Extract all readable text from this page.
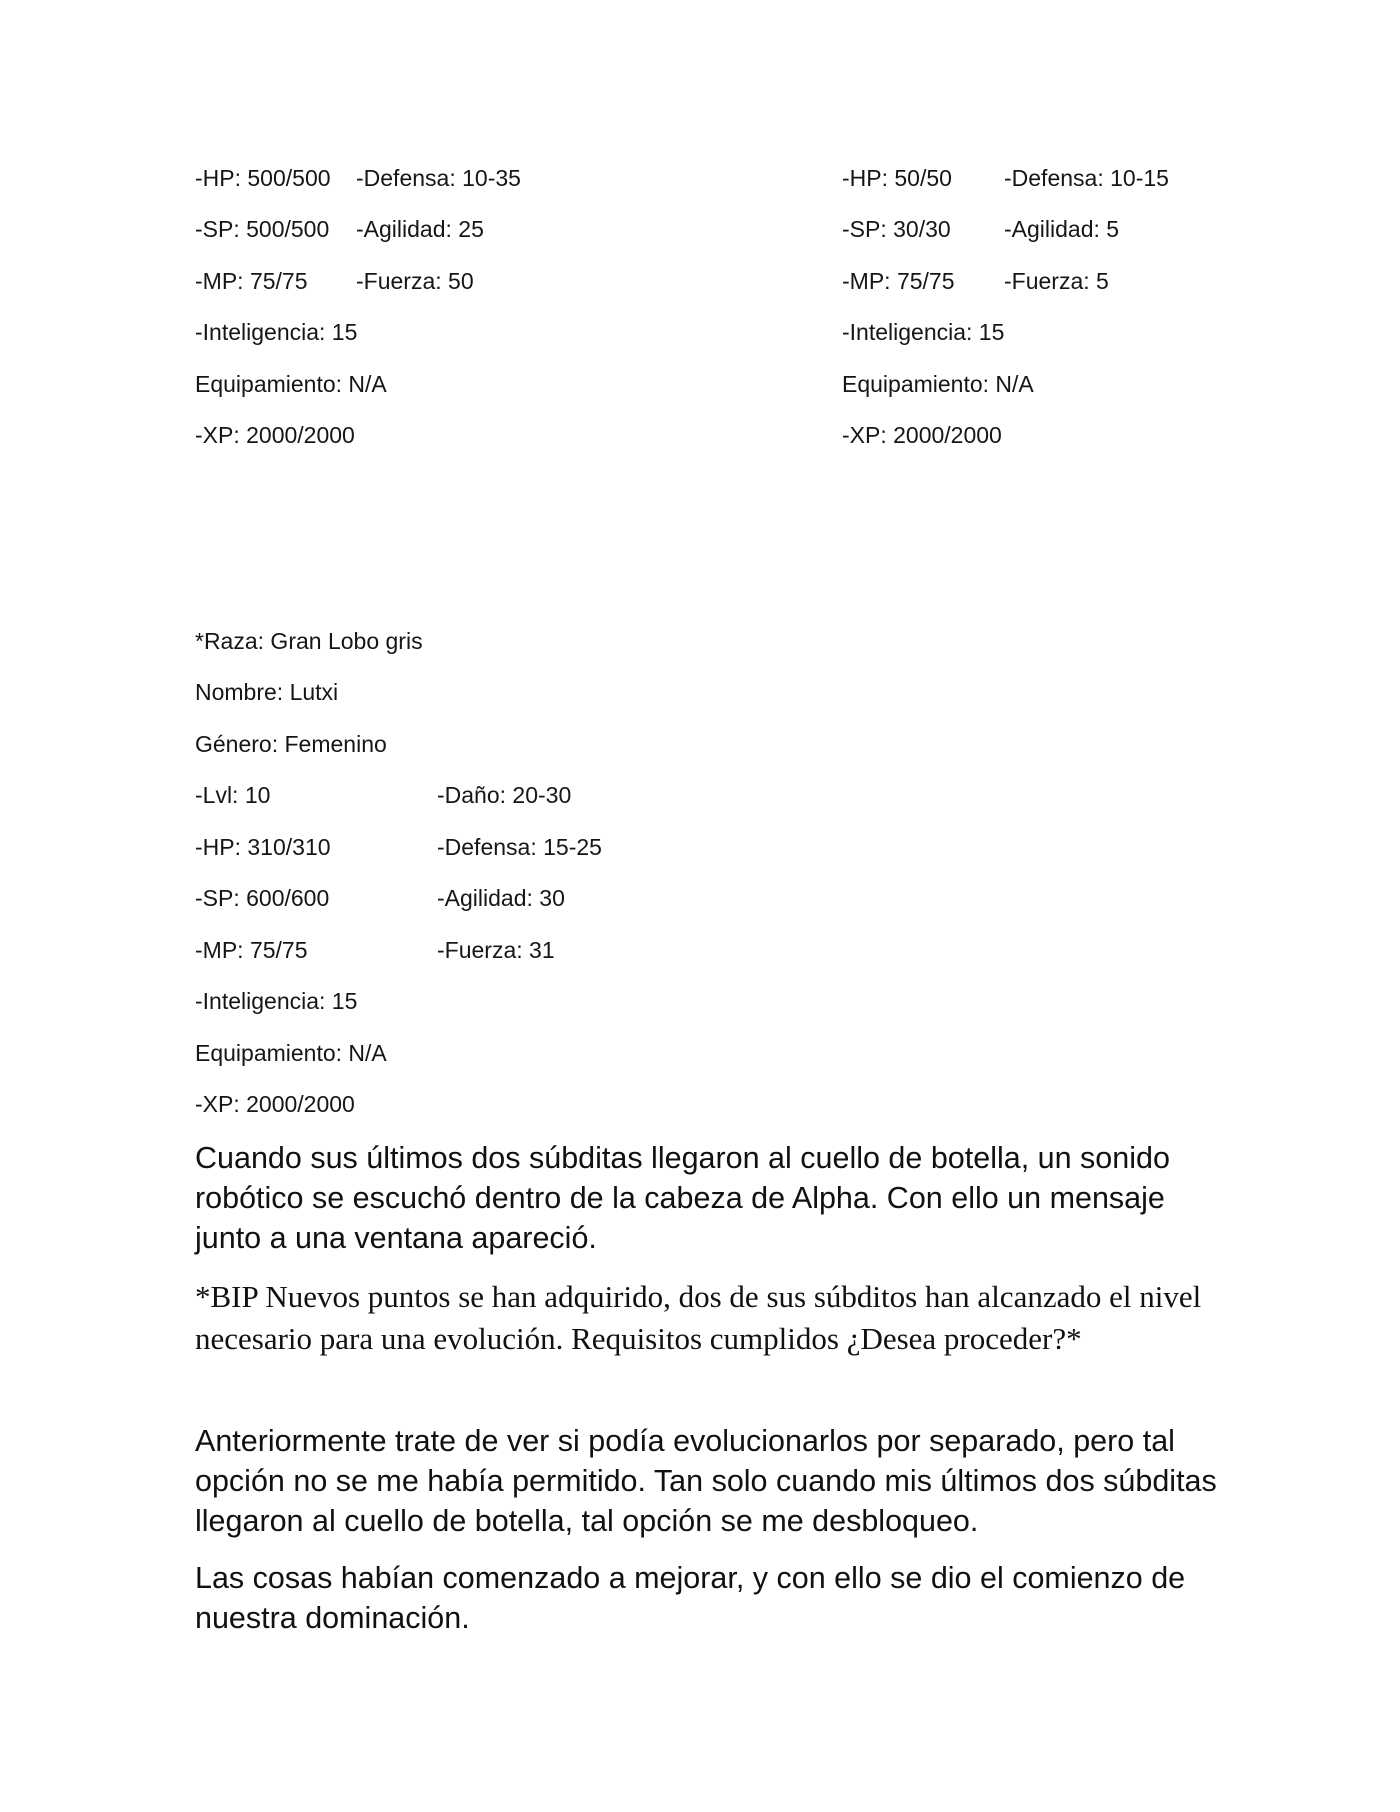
-HP: 500/500 -Defensa: 10-35
-SP: 500/500 -Agilidad: 25
-MP: 75/75 -Fuerza: 50
-Inteligencia: 15
Equipamiento: N/A
-XP: 2000/2000
-HP: 50/50 -Defensa: 10-15
-SP: 30/30 -Agilidad: 5
-MP: 75/75 -Fuerza: 5
-Inteligencia: 15
Equipamiento: N/A
-XP: 2000/2000
*Raza: Gran Lobo gris
Nombre: Lutxi
Género: Femenino
-Lvl: 10	-Daño: 20-30
-HP: 310/310	-Defensa: 15-25
-SP: 600/600	-Agilidad: 30
-MP: 75/75	-Fuerza: 31
-Inteligencia: 15
Equipamiento: N/A
-XP: 2000/2000

Cuando sus últimos dos súbditas llegaron al cuello de botella, un sonido robótico se escuchó dentro de la cabeza de Alpha. Con ello un mensaje junto a una ventana apareció.

*BIP Nuevos puntos se han adquirido, dos de sus súbditos han alcanzado el nivel necesario para una evolución. Requisitos cumplidos ¿Desea proceder?*

Anteriormente trate de ver si podía evolucionarlos por separado, pero tal opción no se me había permitido. Tan solo cuando mis últimos dos súbditas llegaron al cuello de botella, tal opción se me desbloqueo.

Las cosas habían comenzado a mejorar, y con ello se dio el comienzo de nuestra dominación.
